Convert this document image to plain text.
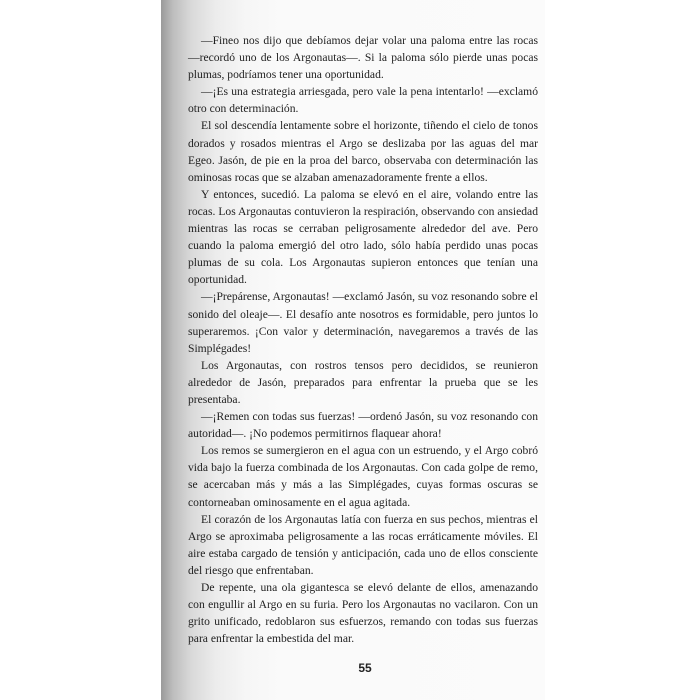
—Fineo nos dijo que debíamos dejar volar una paloma entre las rocas —recordó uno de los Argonautas—. Si la paloma sólo pierde unas pocas plumas, podríamos tener una oportunidad.

—¡Es una estrategia arriesgada, pero vale la pena intentarlo! —exclamó otro con determinación.

El sol descendía lentamente sobre el horizonte, tiñendo el cielo de tonos dorados y rosados mientras el Argo se deslizaba por las aguas del mar Egeo. Jasón, de pie en la proa del barco, observaba con determinación las ominosas rocas que se alzaban amenazadoramente frente a ellos.

Y entonces, sucedió. La paloma se elevó en el aire, volando entre las rocas. Los Argonautas contuvieron la respiración, observando con ansiedad mientras las rocas se cerraban peligrosamente alrededor del ave. Pero cuando la paloma emergió del otro lado, sólo había perdido unas pocas plumas de su cola. Los Argonautas supieron entonces que tenían una oportunidad.

—¡Prepárense, Argonautas! —exclamó Jasón, su voz resonando sobre el sonido del oleaje—. El desafío ante nosotros es formidable, pero juntos lo superaremos. ¡Con valor y determinación, navegaremos a través de las Simplégades!

Los Argonautas, con rostros tensos pero decididos, se reunieron alrededor de Jasón, preparados para enfrentar la prueba que se les presentaba.

—¡Remen con todas sus fuerzas! —ordenó Jasón, su voz resonando con autoridad—. ¡No podemos permitirnos flaquear ahora!

Los remos se sumergieron en el agua con un estruendo, y el Argo cobró vida bajo la fuerza combinada de los Argonautas. Con cada golpe de remo, se acercaban más y más a las Simplégades, cuyas formas oscuras se contorneaban ominosamente en el agua agitada.

El corazón de los Argonautas latía con fuerza en sus pechos, mientras el Argo se aproximaba peligrosamente a las rocas erráticamente móviles. El aire estaba cargado de tensión y anticipación, cada uno de ellos consciente del riesgo que enfrentaban.

De repente, una ola gigantesca se elevó delante de ellos, amenazando con engullir al Argo en su furia. Pero los Argonautas no vacilaron. Con un grito unificado, redoblaron sus esfuerzos, remando con todas sus fuerzas para enfrentar la embestida del mar.

55
